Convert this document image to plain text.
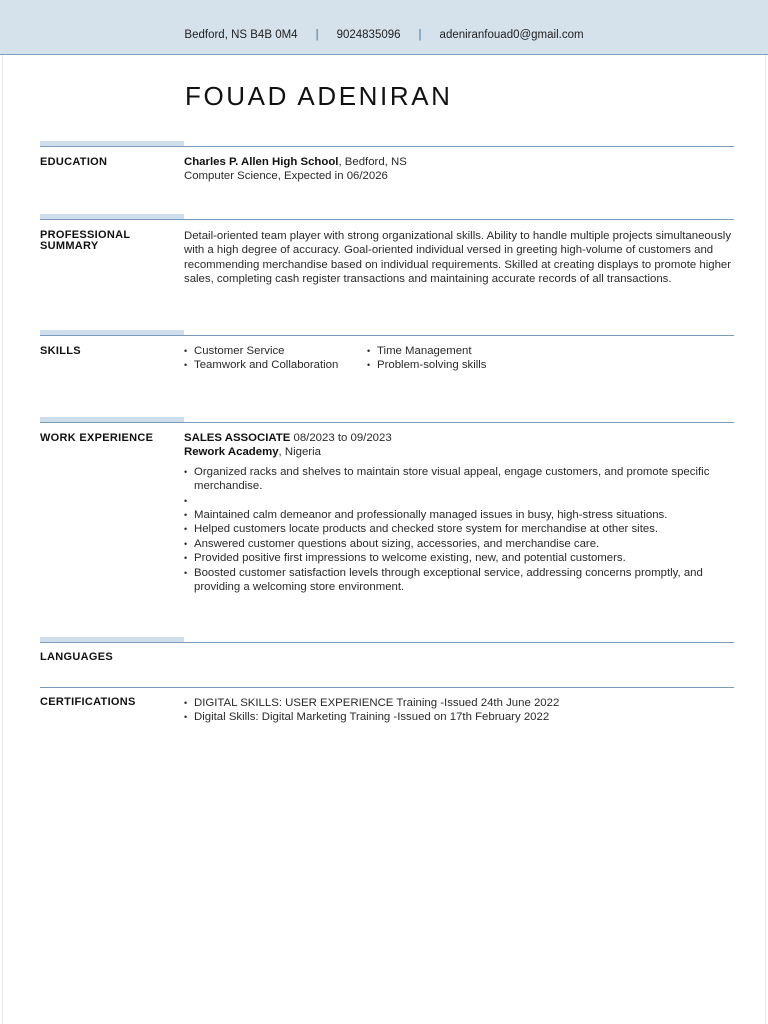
Bedford, NS B4B 0M4 | 9024835096 | adeniranfouad0@gmail.com
FOUAD ADENIRAN
EDUCATION	Charles P. Allen High School, Bedford, NS
Computer Science, Expected in 06/2026
PROFESSIONAL
SUMMARY
Detail-oriented team player with strong organizational skills. Ability to handle multiple projects simultaneously with a high degree of accuracy. Goal-oriented individual versed in greeting high-volume of customers and recommending merchandise based on individual requirements. Skilled at creating displays to promote higher sales, completing cash register transactions and maintaining accurate records of all transactions.
SKILLS	• Customer Service	• Time Management
• Teamwork and Collaboration	• Problem-solving skills
WORK EXPERIENCE	SALES ASSOCIATE 08/2023 to 09/2023
Rework Academy, Nigeria
• Organized racks and shelves to maintain store visual appeal, engage customers, and promote specific merchandise.
•
• Maintained calm demeanor and professionally managed issues in busy, high-stress situations.
• Helped customers locate products and checked store system for merchandise at other sites.
• Answered customer questions about sizing, accessories, and merchandise care.
• Provided positive first impressions to welcome existing, new, and potential customers.
• Boosted customer satisfaction levels through exceptional service, addressing concerns promptly, and providing a welcoming store environment.
LANGUAGES
CERTIFICATIONS	• DIGITAL SKILLS: USER EXPERIENCE Training -Issued 24th June 2022
• Digital Skills: Digital Marketing Training -Issued on 17th February 2022
